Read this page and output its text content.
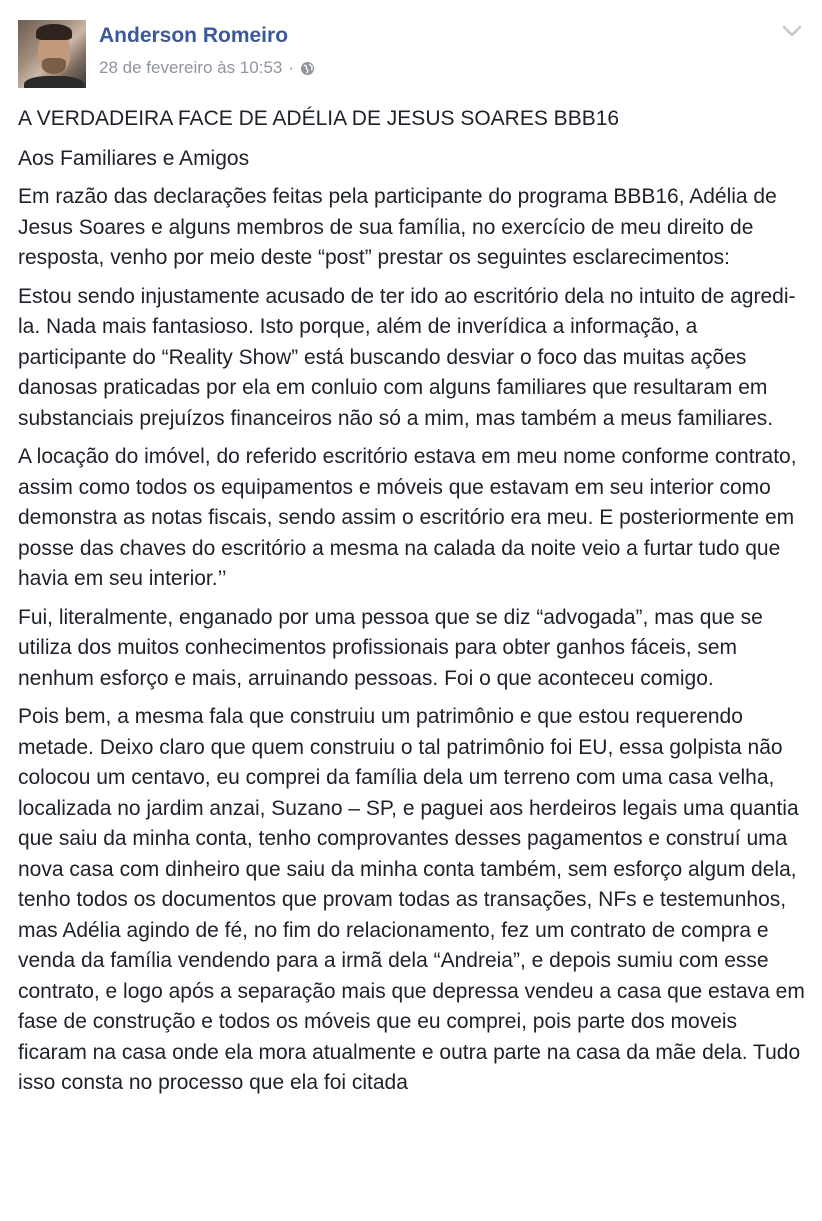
Anderson Romeiro
28 de fevereiro às 10:53 ·

A VERDADEIRA FACE DE ADÉLIA DE JESUS SOARES BBB16

Aos Familiares e Amigos

Em razão das declarações feitas pela participante do programa BBB16, Adélia de Jesus Soares e alguns membros de sua família, no exercício de meu direito de resposta, venho por meio deste “post” prestar os seguintes esclarecimentos:

Estou sendo injustamente acusado de ter ido ao escritório dela no intuito de agredi-la. Nada mais fantasioso. Isto porque, além de inverídica a informação, a participante do “Reality Show” está buscando desviar o foco das muitas ações danosas praticadas por ela em conluio com alguns familiares que resultaram em substanciais prejuízos financeiros não só a mim, mas também a meus familiares.

A locação do imóvel, do referido escritório estava em meu nome conforme contrato, assim como todos os equipamentos e móveis que estavam em seu interior como demonstra as notas fiscais, sendo assim o escritório era meu. E posteriormente em posse das chaves do escritório a mesma na calada da noite veio a furtar tudo que havia em seu interior.’’

Fui, literalmente, enganado por uma pessoa que se diz “advogada”, mas que se utiliza dos muitos conhecimentos profissionais para obter ganhos fáceis, sem nenhum esforço e mais, arruinando pessoas. Foi o que aconteceu comigo.

Pois bem, a mesma fala que construiu um patrimônio e que estou requerendo metade. Deixo claro que quem construiu o tal patrimônio foi EU, essa golpista não colocou um centavo, eu comprei da família dela um terreno com uma casa velha, localizada no jardim anzai, Suzano – SP, e paguei aos herdeiros legais uma quantia que saiu da minha conta, tenho comprovantes desses pagamentos e construí uma nova casa com dinheiro que saiu da minha conta também, sem esforço algum dela, tenho todos os documentos que provam todas as transações, NFs e testemunhos, mas Adélia agindo de fé, no fim do relacionamento, fez um contrato de compra e venda da família vendendo para a irmã dela “Andreia”, e depois sumiu com esse contrato, e logo após a separação mais que depressa vendeu a casa que estava em fase de construção e todos os móveis que eu comprei, pois parte dos moveis ficaram na casa onde ela mora atualmente e outra parte na casa da mãe dela. Tudo isso consta no processo que ela foi citada
